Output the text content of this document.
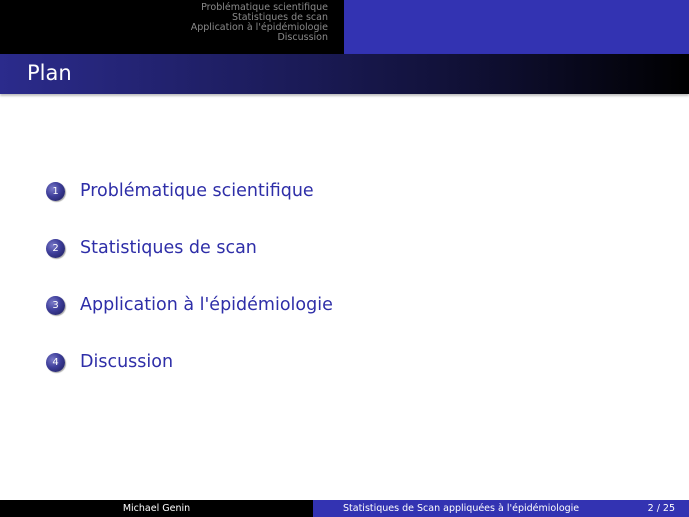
Problématique scientifique
Statistiques de scan
Application à l'épidémiologie
Discussion
Plan
1	Problématique scientifique
2	Statistiques de scan
3	Application à l'épidémiologie
4	Discussion
Michael Genin	Statistiques de Scan appliquées à l'épidémiologie	2 / 25
